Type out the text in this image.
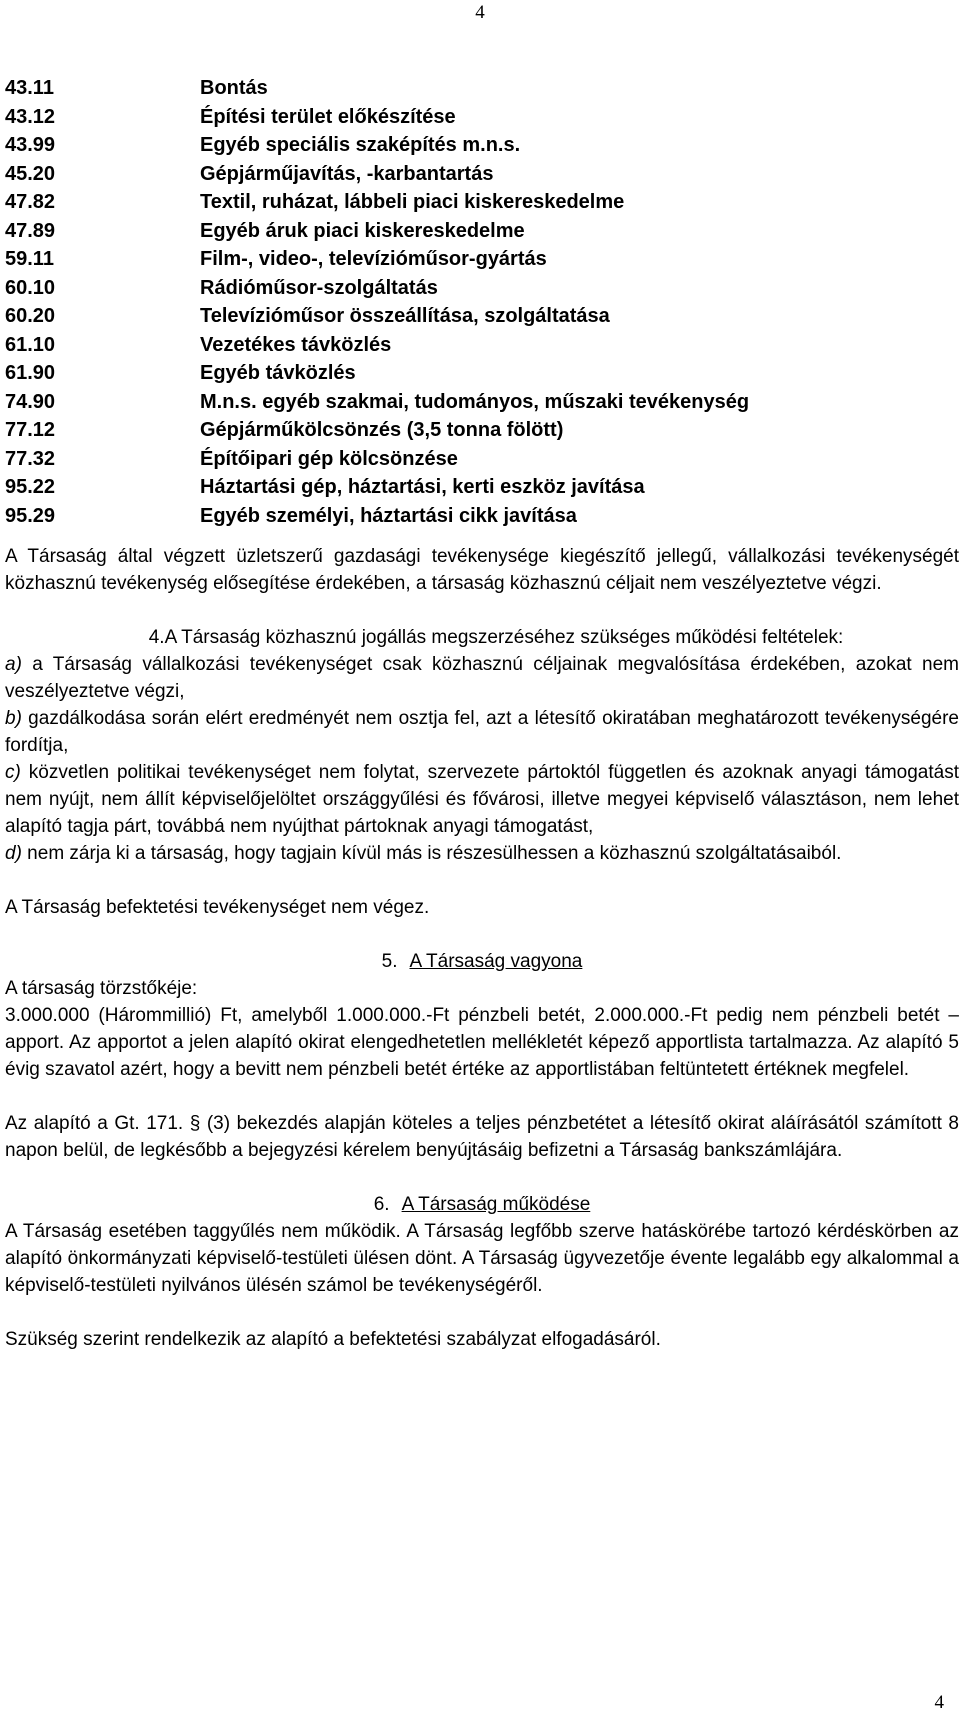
4
43.11	Bontás
43.12	Építési terület előkészítése
43.99	Egyéb speciális szaképítés m.n.s.
45.20	Gépjárműjavítás, -karbantartás
47.82	Textil, ruházat, lábbeli piaci kiskereskedelme
47.89	Egyéb áruk piaci kiskereskedelme
59.11	Film-, video-, televízióműsor-gyártás
60.10	Rádióműsor-szolgáltatás
60.20	Televízióműsor összeállítása, szolgáltatása
61.10	Vezetékes távközlés
61.90	Egyéb távközlés
74.90	M.n.s. egyéb szakmai, tudományos, műszaki tevékenység
77.12	Gépjárműkölcsönzés (3,5 tonna fölött)
77.32	Építőipari gép kölcsönzése
95.22	Háztartási gép, háztartási, kerti eszköz javítása
95.29	Egyéb személyi, háztartási cikk javítása

A Társaság által végzett üzletszerű gazdasági tevékenysége kiegészítő jellegű, vállalkozási tevékenységét közhasznú tevékenység elősegítése érdekében, a társaság közhasznú céljait nem veszélyeztetve végzi.

4.A Társaság közhasznú jogállás megszerzéséhez szükséges működési feltételek:

a) a Társaság vállalkozási tevékenységet csak közhasznú céljainak megvalósítása érdekében, azokat nem veszélyeztetve végzi,

b) gazdálkodása során elért eredményét nem osztja fel, azt a létesítő okiratában meghatározott tevékenységére fordítja,

c) közvetlen politikai tevékenységet nem folytat, szervezete pártoktól független és azoknak anyagi támogatást nem nyújt, nem állít képviselőjelöltet országgyűlési és fővárosi, illetve megyei képviselő választáson, nem lehet alapító tagja párt, továbbá nem nyújthat pártoknak anyagi támogatást,

d) nem zárja ki a társaság, hogy tagjain kívül más is részesülhessen a közhasznú szolgáltatásaiból.

A Társaság befektetési tevékenységet nem végez.

5. A Társaság vagyona

A társaság törzstőkéje:

3.000.000 (Hárommillió) Ft, amelyből 1.000.000.-Ft pénzbeli betét, 2.000.000.-Ft pedig nem pénzbeli betét – apport. Az apportot a jelen alapító okirat elengedhetetlen mellékletét képező apportlista tartalmazza. Az alapító 5 évig szavatol azért, hogy a bevitt nem pénzbeli betét értéke az apportlistában feltüntetett értéknek megfelel.

Az alapító a Gt. 171. § (3) bekezdés alapján köteles a teljes pénzbetétet a létesítő okirat aláírásától számított 8 napon belül, de legkésőbb a bejegyzési kérelem benyújtásáig befizetni a Társaság bankszámlájára.

6. A Társaság működése

A Társaság esetében taggyűlés nem működik. A Társaság legfőbb szerve hatáskörébe tartozó kérdéskörben az alapító önkormányzati képviselő-testületi ülésen dönt. A Társaság ügyvezetője évente legalább egy alkalommal a képviselő-testületi nyilvános ülésén számol be tevékenységéről.

Szükség szerint rendelkezik az alapító a befektetési szabályzat elfogadásáról.

4
